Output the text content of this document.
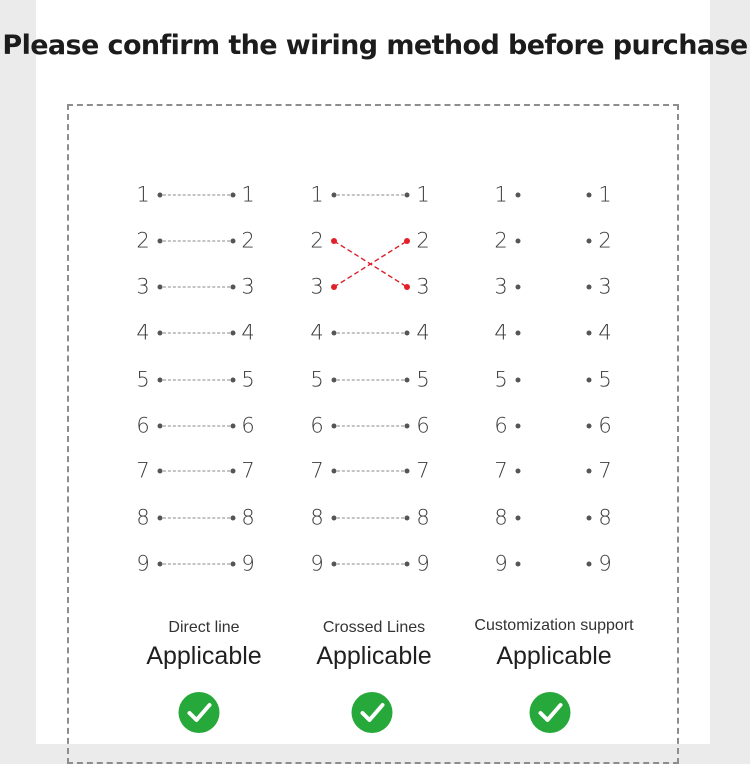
Please confirm the wiring method before purchase
1	1
2	2
3	3
4	4
5	5
6	6
7	7
8	8
9	9
1	1
2	2
3	3
4	4
5	5
6	6
7	7
8	8
9	9
1	1
2	2
3	3
4	4
5	5
6	6
7	7
8	8
9	9
Direct line	Crossed Lines	Customization support
Applicable Applicable	Applicable
